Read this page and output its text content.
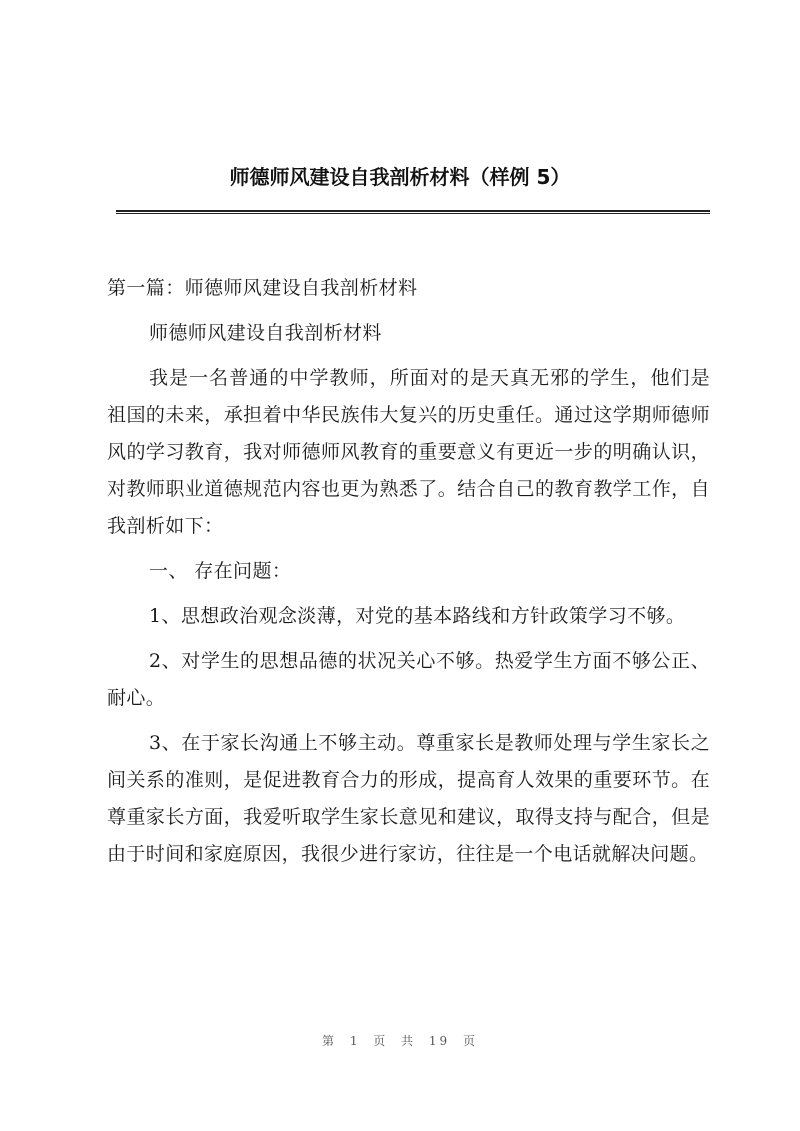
师德师风建设自我剖析材料（样例 5）

第一篇：师德师风建设自我剖析材料

师德师风建设自我剖析材料

我是一名普通的中学教师，所面对的是天真无邪的学生，他们是祖国的未来，承担着中华民族伟大复兴的历史重任。通过这学期师德师风的学习教育，我对师德师风教育的重要意义有更近一步的明确认识，对教师职业道德规范内容也更为熟悉了。结合自己的教育教学工作，自我剖析如下：

一、 存在问题：

1、思想政治观念淡薄，对党的基本路线和方针政策学习不够。

2、对学生的思想品德的状况关心不够。热爱学生方面不够公正、耐心。

3、在于家长沟通上不够主动。尊重家长是教师处理与学生家长之间关系的准则，是促进教育合力的形成，提高育人效果的重要环节。在尊重家长方面，我爱听取学生家长意见和建议，取得支持与配合，但是由于时间和家庭原因，我很少进行家访，往往是一个电话就解决问题。

第 1 页 共 19 页
